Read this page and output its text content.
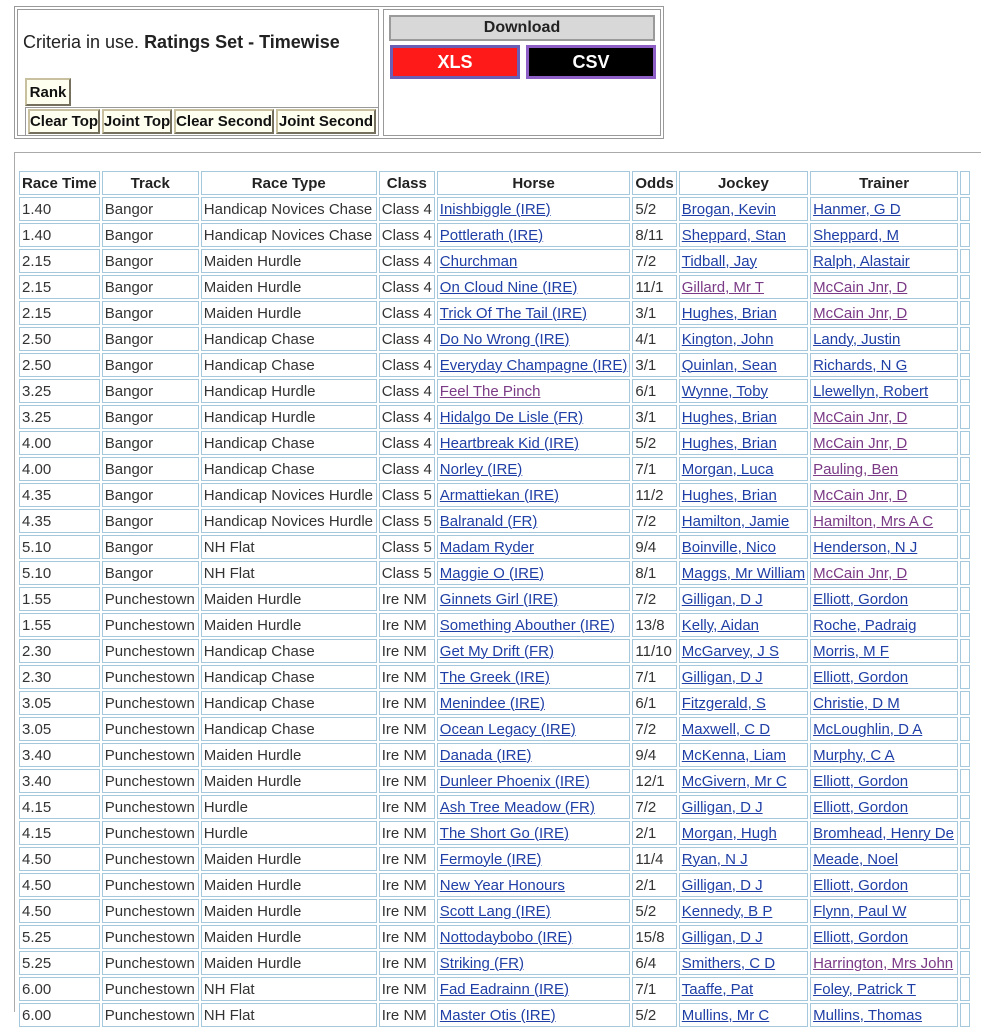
Criteria in use. Ratings Set - Timewise
Rank
Clear Top Joint Top Clear Second Joint Second
Download
XLS	CSV
Race Time	Track	Race Type	Class	Horse	Odds	Jockey	Trainer	
1.40	Bangor	Handicap Novices Chase	Class 4	Inishbiggle (IRE)	5/2	Brogan, Kevin	Hanmer, G D	
1.40	Bangor	Handicap Novices Chase	Class 4	Pottlerath (IRE)	8/11	Sheppard, Stan	Sheppard, M	
2.15	Bangor	Maiden Hurdle	Class 4	Churchman	7/2	Tidball, Jay	Ralph, Alastair	
2.15	Bangor	Maiden Hurdle	Class 4	On Cloud Nine (IRE)	11/1	Gillard, Mr T	McCain Jnr, D	
2.15	Bangor	Maiden Hurdle	Class 4	Trick Of The Tail (IRE)	3/1	Hughes, Brian	McCain Jnr, D	
2.50	Bangor	Handicap Chase	Class 4	Do No Wrong (IRE)	4/1	Kington, John	Landy, Justin	
2.50	Bangor	Handicap Chase	Class 4	Everyday Champagne (IRE)	3/1	Quinlan, Sean	Richards, N G	
3.25	Bangor	Handicap Hurdle	Class 4	Feel The Pinch	6/1	Wynne, Toby	Llewellyn, Robert	
3.25	Bangor	Handicap Hurdle	Class 4	Hidalgo De Lisle (FR)	3/1	Hughes, Brian	McCain Jnr, D	
4.00	Bangor	Handicap Chase	Class 4	Heartbreak Kid (IRE)	5/2	Hughes, Brian	McCain Jnr, D	
4.00	Bangor	Handicap Chase	Class 4	Norley (IRE)	7/1	Morgan, Luca	Pauling, Ben	
4.35	Bangor	Handicap Novices Hurdle	Class 5	Armattiekan (IRE)	11/2	Hughes, Brian	McCain Jnr, D	
4.35	Bangor	Handicap Novices Hurdle	Class 5	Balranald (FR)	7/2	Hamilton, Jamie	Hamilton, Mrs A C	
5.10	Bangor	NH Flat	Class 5	Madam Ryder	9/4	Boinville, Nico	Henderson, N J	
5.10	Bangor	NH Flat	Class 5	Maggie O (IRE)	8/1	Maggs, Mr William	McCain Jnr, D	
1.55	Punchestown	Maiden Hurdle	Ire NM	Ginnets Girl (IRE)	7/2	Gilligan, D J	Elliott, Gordon	
1.55	Punchestown	Maiden Hurdle	Ire NM	Something Abouther (IRE)	13/8	Kelly, Aidan	Roche, Padraig	
2.30	Punchestown	Handicap Chase	Ire NM	Get My Drift (FR)	11/10	McGarvey, J S	Morris, M F	
2.30	Punchestown	Handicap Chase	Ire NM	The Greek (IRE)	7/1	Gilligan, D J	Elliott, Gordon	
3.05	Punchestown	Handicap Chase	Ire NM	Menindee (IRE)	6/1	Fitzgerald, S	Christie, D M	
3.05	Punchestown	Handicap Chase	Ire NM	Ocean Legacy (IRE)	7/2	Maxwell, C D	McLoughlin, D A	
3.40	Punchestown	Maiden Hurdle	Ire NM	Danada (IRE)	9/4	McKenna, Liam	Murphy, C A	
3.40	Punchestown	Maiden Hurdle	Ire NM	Dunleer Phoenix (IRE)	12/1	McGivern, Mr C	Elliott, Gordon	
4.15	Punchestown	Hurdle	Ire NM	Ash Tree Meadow (FR)	7/2	Gilligan, D J	Elliott, Gordon	
4.15	Punchestown	Hurdle	Ire NM	The Short Go (IRE)	2/1	Morgan, Hugh	Bromhead, Henry De	
4.50	Punchestown	Maiden Hurdle	Ire NM	Fermoyle (IRE)	11/4	Ryan, N J	Meade, Noel	
4.50	Punchestown	Maiden Hurdle	Ire NM	New Year Honours	2/1	Gilligan, D J	Elliott, Gordon	
4.50	Punchestown	Maiden Hurdle	Ire NM	Scott Lang (IRE)	5/2	Kennedy, B P	Flynn, Paul W	
5.25	Punchestown	Maiden Hurdle	Ire NM	Nottodaybobo (IRE)	15/8	Gilligan, D J	Elliott, Gordon	
5.25	Punchestown	Maiden Hurdle	Ire NM	Striking (FR)	6/4	Smithers, C D	Harrington, Mrs John	
6.00	Punchestown	NH Flat	Ire NM	Fad Eadrainn (IRE)	7/1	Taaffe, Pat	Foley, Patrick T	
6.00	Punchestown	NH Flat	Ire NM	Master Otis (IRE)	5/2	Mullins, Mr C	Mullins, Thomas	
